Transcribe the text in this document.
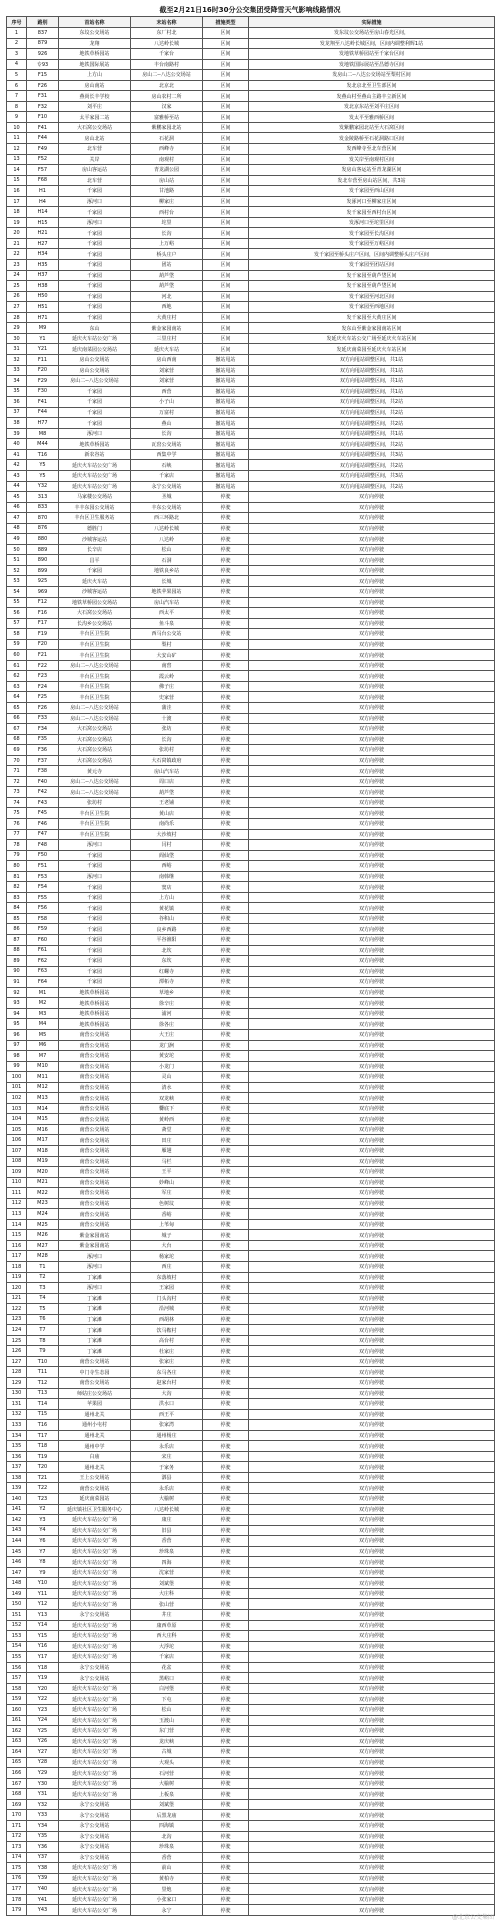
截至2月21日16时30分公交集团受降雪天气影响线路情况
序号	路别	首站名称	末站名称	措施类型	实际措施
1	837	东坟公交场站	东厂村北	区间	发东坟公交场站至房山春光区间，
2	879	龙翔	八达岭长城	区间	发龙翔至八达岭长城区间，区间内调整利辉1站
3	926	地铁草桥园站	千家台	区间	发地铁草桥园站至千家台区间
4	专93	地铁国际展站	丰台南路村	区间	发地铁国际展站至昌德寺区间
5	F15	上方山	房山二--八达公交场站	区间	发房山二--八达公交场站至梨村区间
6	F26	房山南站	北京北	区间	发北京北至卫生部区间
7	F31	燕尚长丰学校	房山农村二所	区间	发燕山村至燕山主路丰立新区间
8	F32	刘平庄	汉家	区间	发北京东站至刘平庄区间
9	F10	太平家园二站	富雅桥至站	区间	发太平至雅西桥区间
10	F41	大石窝公交场站	紫鹏家园北站	区间	发紫鹏家园北站至大石窝区间
11	F44	房山北站	石花洞	区间	发金陵路桥至石花洞路口区间
12	F49	北车营	西峰寺	区间	发西峰寺至北车营区间
13	F52	关岸	南观村	区间	发关岸至南观村区间
14	F57	房山客运站	青龙湖公园	区间	发房山客运站至青龙湖区间
15	F68	北车营	房山站	区间	发北车营至房山站区间，共3站
16	H1	千家园	甘池路	区间	发千家园至西山区间
17	H4	涿河口	柳家庄	区间	发涿河口至柳家庄区间
18	H14	千家园	西村台	区间	发千家园至西村台区间
19	H15	涿河口	坨里	区间	发涿河口至坨里区间
20	H21	千家园	长沟	区间	发千家园至长沟区间
21	H27	千家园	上万峪	区间	发千家园至万峪区间
22	H34	千家园	桥头庄户	区间	发千家园至桥头庄户区间，区间内调整桥头庄户区间
23	H35	千家园	团站	区间	发千家园至团站区间
24	H37	千家园	葫芦垡	区间	发千家园至葫芦垡区间
25	H38	千家园	葫芦垡	区间	发千家园至葫芦垡区间
26	H50	千家园	河北	区间	发千家园至河北区间
27	H51	千家园	西地	区间	发千家园至西地区间
28	H71	千家园	大黄庄村	区间	发千家园至大黄庄区间
29	M9	东山	紫金家园南站	区间	发东山至紫金家园南站区间
30	Y1	延庆火车站公交广场	三里庄村	区间	发延庆火车站公交广场至延庆火车站区间
31	Y21	延庆南菜园公交场站	延庆火车站	区间	发延庆南菜园至延庆火车站区间
32	F11	房山公交场站	房山西南	撤站甩站	双方向甩站调整区间，共1站
33	F20	房山公交场站	刘家营	撤站甩站	双方向甩站调整区间，共1站
34	F29	房山二--八达公交场站	刘家营	撤站甩站	双方向甩站调整区间，共1站
35	F30	千家园	西营	撤站甩站	双方向甩站调整区间，共1站
36	F41	千家园	小子山	撤站甩站	双方向甩站调整区间，共2站
37	F44	千家园	万富村	撤站甩站	双方向甩站调整区间，共2站
38	H77	千家园	燕山	撤站甩站	双方向甩站调整区间，共2站
39	M8	涿河口	长沟	撤站甩站	双方向甩站调整区间，共1站
40	M44	地铁草桥园站	瓦窑公交场站	撤站甩站	双方向甩站调整区间，共2站
41	T16	新农谷站	西集中学	撤站甩站	双方向甩站调整区间，共3站
42	Y5	延庆火车站公交广场	石峡	撤站甩站	双方向甩站调整区间，共2站
43	Y5	延庆火车站公交广场	千家店	撤站甩站	双方向甩站调整区间，共3站
44	Y32	延庆火车站公交广场	永宁公交场站	撤站甩站	双方向甩站调整区间，共2站
45	313	马家楼公交场站	圣城	停驶	双方向停驶
46	833	丰丰东园公交场站	丰东公交场站	停驶	双方向停驶
47	870	丰台区卫生服务站	西三环路北	停驶	双方向停驶
48	876	德胜门	八达岭长城	停驶	双方向停驶
49	880	沙城客运站	八达岭	停驶	双方向停驶
50	889	长辛店	松山	停驶	双方向停驶
51	890	昌平	石洞	停驶	双方向停驶
52	899	千家园	地铁良乡站	停驶	双方向停驶
53	925	延庆火车站	长城	停驶	双方向停驶
54	969	沙城客运站	地铁苹果园站	停驶	双方向停驶
55	F12	地铁草桥园公交场站	房山汽车站	停驶	双方向停驶
56	F16	大石窝公交场站	西太平	停驶	双方向停驶
57	F17	长沟乡公交场站	鱼斗泉	停驶	双方向停驶
58	F19	丰台区卫生院	西马台公交站	停驶	双方向停驶
59	F20	丰台区卫生院	梨村	停驶	双方向停驶
60	F21	丰台区卫生院	大安山矿	停驶	双方向停驶
61	F22	房山二--八达公交场站	南窖	停驶	双方向停驶
62	F23	丰台区卫生院	霞云岭	停驶	双方向停驶
63	F24	丰台区卫生院	佛子庄	停驶	双方向停驶
64	F25	丰台区卫生院	史家营	停驶	双方向停驶
65	F26	房山二--八达公交场站	蒲洼	停驶	双方向停驶
66	F33	房山二--八达公交场站	十渡	停驶	双方向停驶
67	F34	大石窝公交场站	张坊	停驶	双方向停驶
68	F35	大石窝公交场站	长沟	停驶	双方向停驶
69	F36	大石窝公交场站	张坊村	停驶	双方向停驶
70	F37	大石窝公交场站	大石窝镇政府	停驶	双方向停驶
71	F38	黄元寺	房山汽车站	停驶	双方向停驶
72	F40	房山二--八达公交场站	周口店	停驶	双方向停驶
73	F42	房山二--八达公交场站	葫芦垡	停驶	双方向停驶
74	F43	张坊村	王老铺	停驶	双方向停驶
75	F45	丰台区卫生院	黄山店	停驶	双方向停驶
76	F46	丰台区卫生院	南尚乐	停驶	双方向停驶
77	F47	丰台区卫生院	大沙坡村	停驶	双方向停驶
78	F48	涿河口	闫村	停驶	双方向停驶
79	F50	千家园	阎仙垡	停驶	双方向停驶
80	F51	千家园	西峪	停驶	双方向停驶
81	F53	涿河口	南韩继	停驶	双方向停驶
82	F54	千家园	窦店	停驶	双方向停驶
83	F55	千家园	上方山	停驶	双方向停驶
84	F56	千家园	黄花镇	停驶	双方向停驶
85	F58	千家园	谷积山	停驶	双方向停驶
86	F59	千家园	良乡西路	停驶	双方向停驶
87	F60	千家园	平谷渔阳	停驶	双方向停驶
88	F61	千家园	北坎	停驶	双方向停驶
89	F62	千家园	东坎	停驶	双方向停驶
90	F63	千家园	红螺寺	停驶	双方向停驶
91	F64	千家园	潭柘寺	停驶	双方向停驶
92	M1	地铁草桥园站	草地乡	停驶	双方向停驶
93	M2	地铁草桥园站	徐辛庄	停驶	双方向停驶
94	M3	地铁草桥园站	浦河	停驶	双方向停驶
95	M4	地铁草桥园站	徐各庄	停驶	双方向停驶
96	M5	南营公交场站	大王庄	停驶	双方向停驶
97	M6	南营公交场站	龙门涧	停驶	双方向停驶
98	M7	南营公交场站	黄安坨	停驶	双方向停驶
99	M10	南营公交场站	小龙门	停驶	双方向停驶
100	M11	南营公交场站	灵山	停驶	双方向停驶
101	M12	南营公交场站	清水	停驶	双方向停驶
102	M13	南营公交场站	双龙峡	停驶	双方向停驶
103	M14	南营公交场站	爨底下	停驶	双方向停驶
104	M15	南营公交场站	黄岭西	停驶	双方向停驶
105	M16	南营公交场站	斋堂	停驶	双方向停驶
106	M17	南营公交场站	田庄	停驶	双方向停驶
107	M18	南营公交场站	雁翅	停驶	双方向停驶
108	M19	南营公交场站	马栏	停驶	双方向停驶
109	M20	南营公交场站	王平	停驶	双方向停驶
110	M21	南营公交场站	妙峰山	停驶	双方向停驶
111	M22	南营公交场站	军庄	停驶	双方向停驶
112	M23	南营公交场站	色树坟	停驶	双方向停驶
113	M24	南营公交场站	香峪	停驶	双方向停驶
114	M25	南营公交场站	上苇甸	停驶	双方向停驶
115	M26	紫金家园南站	城子	停驶	双方向停驶
116	M27	紫金家园南站	大台	停驶	双方向停驶
117	M28	涿河口	杨家坨	停驶	双方向停驶
118	T1	涿河口	西庄	停驶	双方向停驶
119	T2	丁家滩	东落坡村	停驶	双方向停驶
120	T3	涿河口	王家园	停驶	双方向停驶
121	T4	丁家滩	门头沟村	停驶	双方向停驶
122	T5	丁家滩	沿河城	停驶	双方向停驶
123	T6	丁家滩	西胡林	停驶	双方向停驶
124	T7	丁家滩	饮马鞍村	停驶	双方向停驶
125	T8	丁家滩	高台村	停驶	双方向停驶
126	T9	丁家滩	杜家庄	停驶	双方向停驶
127	T10	南营公交场站	张家庄	停驶	双方向停驶
128	T11	中门寺生态园	东马各庄	停驶	双方向停驶
129	T12	南营公交场站	赵家台村	停驶	双方向停驶
130	T13	师姑庄公交场站	大沟	停驶	双方向停驶
131	T14	苹果园	洪水口	停驶	双方向停驶
132	T15	通州北关	西王平	停驶	双方向停驶
133	T16	通州小屯村	张家湾	停驶	双方向停驶
134	T17	通州北关	通州杨庄	停驶	双方向停驶
135	T18	通州中学	永乐店	停驶	双方向停驶
136	T19	白庙	宋庄	停驶	双方向停驶
137	T20	通州北关	于家务	停驶	双方向停驶
138	T21	王上公交场站	漷县	停驶	双方向停驶
139	T22	南营公交场站	永乐店	停驶	双方向停驶
140	T23	延庆南菜园站	大榆树	停驶	双方向停驶
141	Y2	延庆镇社区卫生服务中心	八达岭长城	停驶	双方向停驶
142	Y3	延庆火车站公交广场	康庄	停驶	双方向停驶
143	Y4	延庆火车站公交广场	旧县	停驶	双方向停驶
144	Y6	延庆火车站公交广场	香营	停驶	双方向停驶
145	Y7	延庆火车站公交广场	珍珠泉	停驶	双方向停驶
146	Y8	延庆火车站公交广场	四海	停驶	双方向停驶
147	Y9	延庆火车站公交广场	沈家营	停驶	双方向停驶
148	Y10	延庆火车站公交广场	刘斌堡	停驶	双方向停驶
149	Y11	延庆火车站公交广场	大庄科	停驶	双方向停驶
150	Y12	延庆火车站公交广场	张山营	停驶	双方向停驶
151	Y13	永宁公交场站	井庄	停驶	双方向停驶
152	Y14	延庆火车站公交广场	康西草原	停驶	双方向停驶
153	Y15	延庆火车站公交广场	西大庄科	停驶	双方向停驶
154	Y16	延庆火车站公交广场	大浮坨	停驶	双方向停驶
155	Y17	延庆火车站公交广场	千家店	停驶	双方向停驶
156	Y18	永宁公交场站	花盆	停驶	双方向停驶
157	Y19	永宁公交场站	黑峪口	停驶	双方向停驶
158	Y20	延庆火车站公交广场	白河堡	停驶	双方向停驶
159	Y22	延庆火车站公交广场	下屯	停驶	双方向停驶
160	Y23	延庆火车站公交广场	松山	停驶	双方向停驶
161	Y24	延庆火车站公交广场	玉渡山	停驶	双方向停驶
162	Y25	延庆火车站公交广场	东门营	停驶	双方向停驶
163	Y26	延庆火车站公交广场	龙庆峡	停驶	双方向停驶
164	Y27	延庆火车站公交广场	古城	停驶	双方向停驶
165	Y28	延庆火车站公交广场	大观头	停驶	双方向停驶
166	Y29	延庆火车站公交广场	石河营	停驶	双方向停驶
167	Y30	延庆火车站公交广场	大榆树	停驶	双方向停驶
168	Y31	延庆火车站公交广场	上板泉	停驶	双方向停驶
169	Y32	永宁公交场站	刘斌堡	停驶	双方向停驶
170	Y33	永宁公交场站	后黑龙庙	停驶	双方向停驶
171	Y34	永宁公交场站	四海镇	停驶	双方向停驶
172	Y35	永宁公交场站	北沟	停驶	双方向停驶
173	Y36	永宁公交场站	珍珠泉	停驶	双方向停驶
174	Y37	永宁公交场站	香营	停驶	双方向停驶
175	Y38	延庆火车站公交广场	前山	停驶	双方向停驶
176	Y39	延庆火车站公交广场	黄柏寺	停驶	双方向停驶
177	Y40	延庆火车站公交广场	里炮	停驶	双方向停驶
178	Y41	延庆火车站公交广场	小张家口	停驶	双方向停驶
179	Y43	延庆火车站公交广场	永宁	停驶	双方向停驶
@北京公交集团
